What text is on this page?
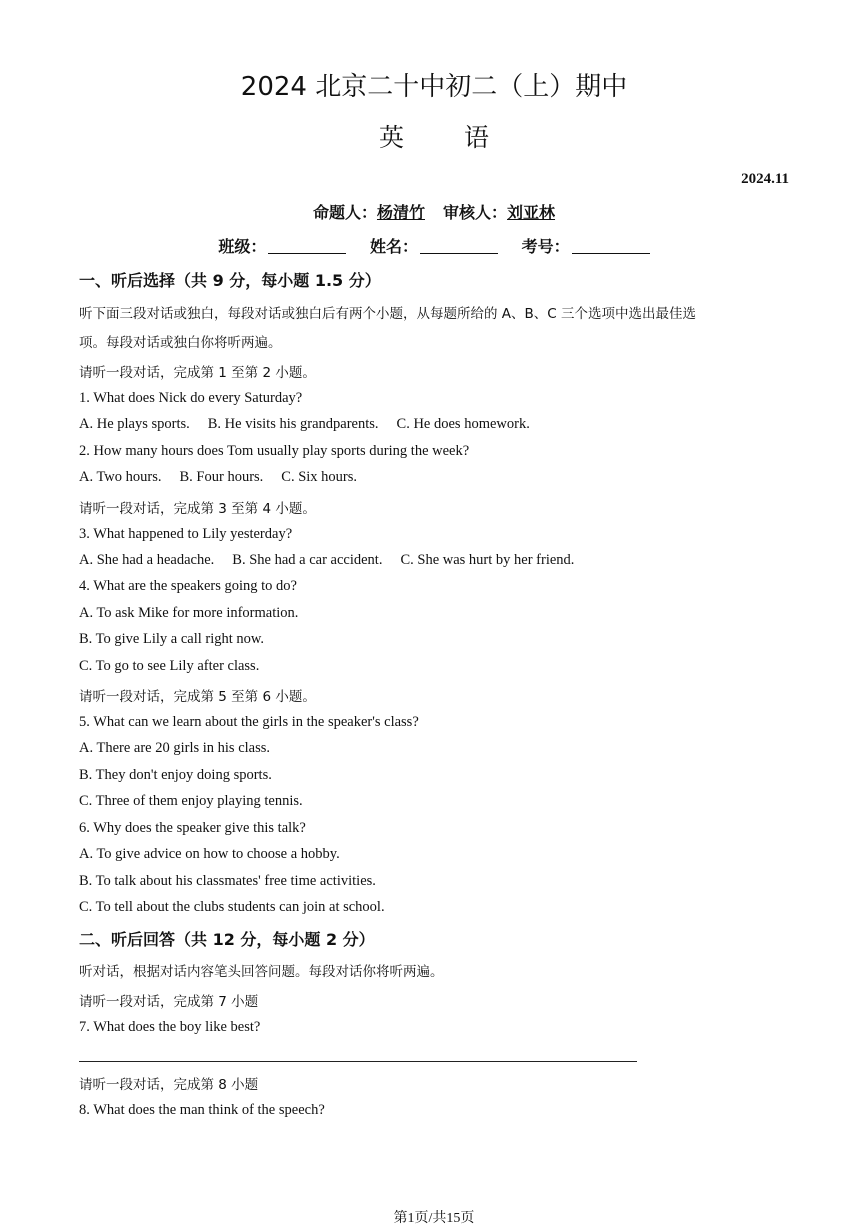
2024 北京二十中初二（上）期中
英语
2024.11
命题人：杨清竹 审核人：刘亚林
班级：	姓名：	考号：
一、听后选择（共 9 分，每小题 1.5 分）
听下面三段对话或独白，每段对话或独白后有两个小题，从每题所给的 A、B、C 三个选项中选出最佳选
项。每段对话或独白你将听两遍。
请听一段对话，完成第 1 至第 2 小题。
1. What does Nick do every Saturday?
A. He plays sports. B. He visits his grandparents. C. He does homework.
2. How many hours does Tom usually play sports during the week?
A. Two hours. B. Four hours. C. Six hours.
请听一段对话，完成第 3 至第 4 小题。
3. What happened to Lily yesterday?
A. She had a headache. B. She had a car accident. C. She was hurt by her friend.
4. What are the speakers going to do?
A. To ask Mike for more information.
B. To give Lily a call right now.
C. To go to see Lily after class.
请听一段对话，完成第 5 至第 6 小题。
5. What can we learn about the girls in the speaker's class?
A. There are 20 girls in his class.
B. They don't enjoy doing sports.
C. Three of them enjoy playing tennis.
6. Why does the speaker give this talk?
A. To give advice on how to choose a hobby.
B. To talk about his classmates' free time activities.
C. To tell about the clubs students can join at school.
二、听后回答（共 12 分，每小题 2 分）
听对话，根据对话内容笔头回答问题。每段对话你将听两遍。
请听一段对话，完成第 7 小题
7. What does the boy like best?
请听一段对话，完成第 8 小题
8. What does the man think of the speech?
第1页/共15页
